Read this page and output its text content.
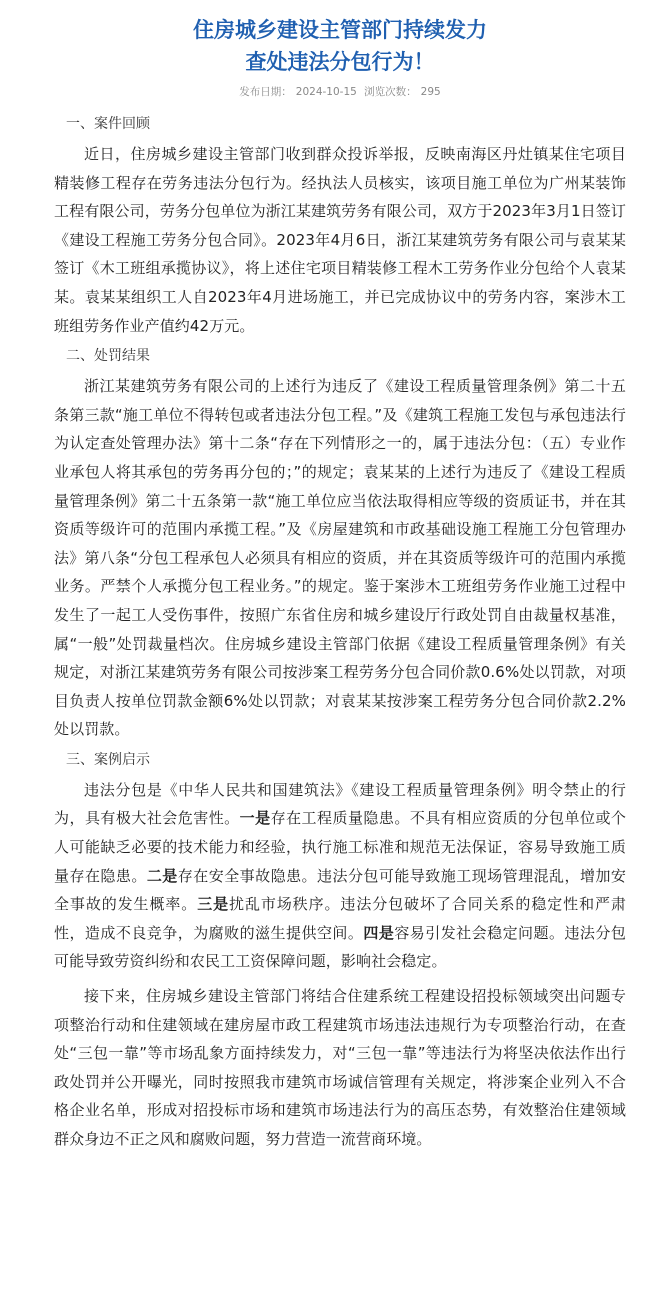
住房城乡建设主管部门持续发力
查处违法分包行为！
发布日期： 2024-10-15 浏览次数： 295
一、案件回顾

近日，住房城乡建设主管部门收到群众投诉举报，反映南海区丹灶镇某住宅项目精装修工程存在劳务违法分包行为。经执法人员核实，该项目施工单位为广州某装饰工程有限公司，劳务分包单位为浙江某建筑劳务有限公司，双方于2023年3月1日签订《建设工程施工劳务分包合同》。2023年4月6日，浙江某建筑劳务有限公司与袁某某签订《木工班组承揽协议》，将上述住宅项目精装修工程木工劳务作业分包给个人袁某某。袁某某组织工人自2023年4月进场施工，并已完成协议中的劳务内容，案涉木工班组劳务作业产值约42万元。

二、处罚结果

浙江某建筑劳务有限公司的上述行为违反了《建设工程质量管理条例》第二十五条第三款“施工单位不得转包或者违法分包工程。”及《建筑工程施工发包与承包违法行为认定查处管理办法》第十二条“存在下列情形之一的，属于违法分包：（五）专业作业承包人将其承包的劳务再分包的；”的规定；袁某某的上述行为违反了《建设工程质量管理条例》第二十五条第一款“施工单位应当依法取得相应等级的资质证书，并在其资质等级许可的范围内承揽工程。”及《房屋建筑和市政基础设施工程施工分包管理办法》第八条“分包工程承包人必须具有相应的资质，并在其资质等级许可的范围内承揽业务。严禁个人承揽分包工程业务。”的规定。鉴于案涉木工班组劳务作业施工过程中发生了一起工人受伤事件，按照广东省住房和城乡建设厅行政处罚自由裁量权基准，属“一般”处罚裁量档次。住房城乡建设主管部门依据《建设工程质量管理条例》有关规定，对浙江某建筑劳务有限公司按涉案工程劳务分包合同价款0.6%处以罚款，对项目负责人按单位罚款金额6%处以罚款；对袁某某按涉案工程劳务分包合同价款2.2%处以罚款。

三、案例启示

违法分包是《中华人民共和国建筑法》《建设工程质量管理条例》明令禁止的行为，具有极大社会危害性。一是存在工程质量隐患。不具有相应资质的分包单位或个人可能缺乏必要的技术能力和经验，执行施工标准和规范无法保证，容易导致施工质量存在隐患。二是存在安全事故隐患。违法分包可能导致施工现场管理混乱，增加安全事故的发生概率。三是扰乱市场秩序。违法分包破坏了合同关系的稳定性和严肃性，造成不良竞争，为腐败的滋生提供空间。四是容易引发社会稳定问题。违法分包可能导致劳资纠纷和农民工工资保障问题，影响社会稳定。

接下来，住房城乡建设主管部门将结合住建系统工程建设招投标领域突出问题专项整治行动和住建领域在建房屋市政工程建筑市场违法违规行为专项整治行动，在查处“三包一靠”等市场乱象方面持续发力，对“三包一靠”等违法行为将坚决依法作出行政处罚并公开曝光，同时按照我市建筑市场诚信管理有关规定，将涉案企业列入不合格企业名单，形成对招投标市场和建筑市场违法行为的高压态势，有效整治住建领域群众身边不正之风和腐败问题，努力营造一流营商环境。
